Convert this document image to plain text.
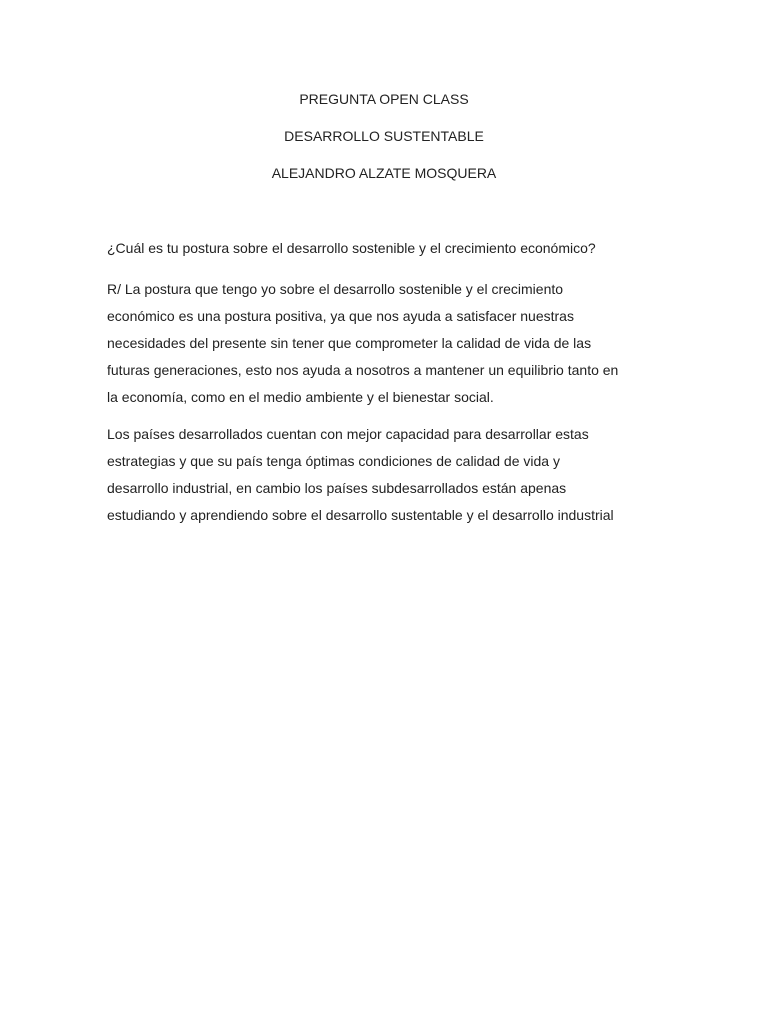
PREGUNTA OPEN CLASS
DESARROLLO SUSTENTABLE
ALEJANDRO ALZATE MOSQUERA

¿Cuál es tu postura sobre el desarrollo sostenible y el crecimiento económico?

R/ La postura que tengo yo sobre el desarrollo sostenible y el crecimiento
económico es una postura positiva, ya que nos ayuda a satisfacer nuestras
necesidades del presente sin tener que comprometer la calidad de vida de las
futuras generaciones, esto nos ayuda a nosotros a mantener un equilibrio tanto en
la economía, como en el medio ambiente y el bienestar social.

Los países desarrollados cuentan con mejor capacidad para desarrollar estas
estrategias y que su país tenga óptimas condiciones de calidad de vida y
desarrollo industrial, en cambio los países subdesarrollados están apenas
estudiando y aprendiendo sobre el desarrollo sustentable y el desarrollo industrial
